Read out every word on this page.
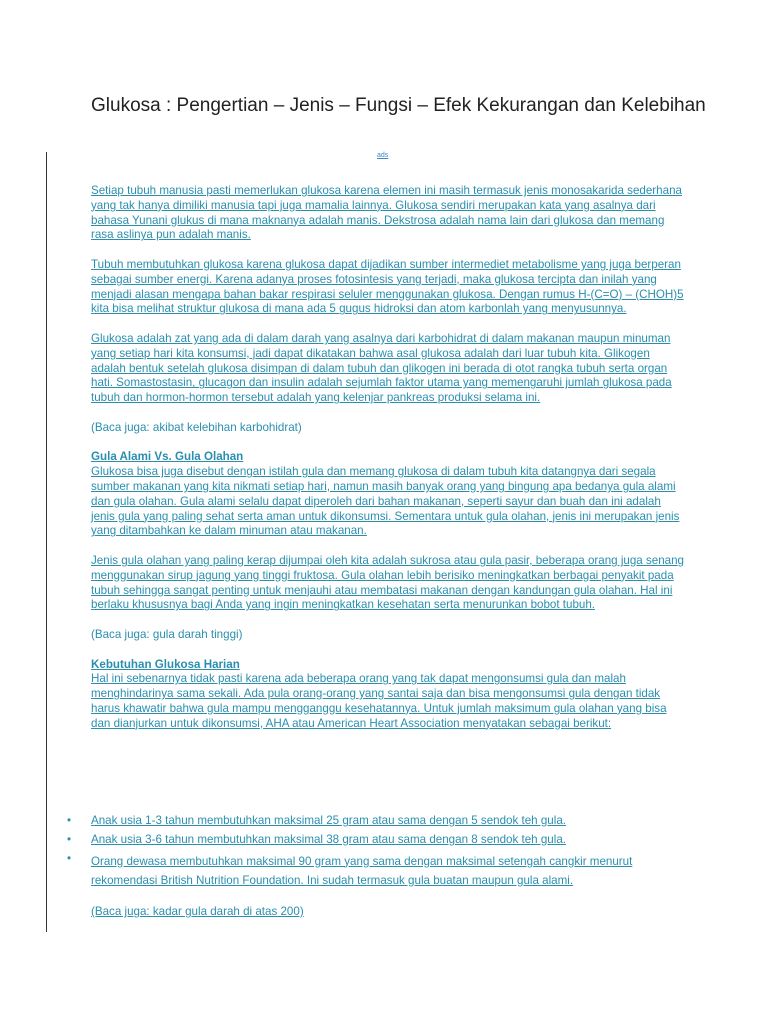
Glukosa : Pengertian – Jenis – Fungsi – Efek Kekurangan dan Kelebihan
ads

Setiap tubuh manusia pasti memerlukan glukosa karena elemen ini masih termasuk jenis monosakarida sederhana yang tak hanya dimiliki manusia tapi juga mamalia lainnya. Glukosa sendiri merupakan kata yang asalnya dari bahasa Yunani glukus di mana maknanya adalah manis. Dekstrosa adalah nama lain dari glukosa dan memang rasa aslinya pun adalah manis.

Tubuh membutuhkan glukosa karena glukosa dapat dijadikan sumber intermediet metabolisme yang juga berperan sebagai sumber energi. Karena adanya proses fotosintesis yang terjadi, maka glukosa tercipta dan inilah yang menjadi alasan mengapa bahan bakar respirasi seluler menggunakan glukosa. Dengan rumus H-(C=O) – (CHOH)5 kita bisa melihat struktur glukosa di mana ada 5 gugus hidroksi dan atom karbonlah yang menyusunnya.

Glukosa adalah zat yang ada di dalam darah yang asalnya dari karbohidrat di dalam makanan maupun minuman yang setiap hari kita konsumsi, jadi dapat dikatakan bahwa asal glukosa adalah dari luar tubuh kita. Glikogen adalah bentuk setelah glukosa disimpan di dalam tubuh dan glikogen ini berada di otot rangka tubuh serta organ hati. Somastostasin, glucagon dan insulin adalah sejumlah faktor utama yang memengaruhi jumlah glukosa pada tubuh dan hormon-hormon tersebut adalah yang kelenjar pankreas produksi selama ini.

(Baca juga: akibat kelebihan karbohidrat)

Gula Alami Vs. Gula Olahan

Glukosa bisa juga disebut dengan istilah gula dan memang glukosa di dalam tubuh kita datangnya dari segala sumber makanan yang kita nikmati setiap hari, namun masih banyak orang yang bingung apa bedanya gula alami dan gula olahan. Gula alami selalu dapat diperoleh dari bahan makanan, seperti sayur dan buah dan ini adalah jenis gula yang paling sehat serta aman untuk dikonsumsi. Sementara untuk gula olahan, jenis ini merupakan jenis yang ditambahkan ke dalam minuman atau makanan.

Jenis gula olahan yang paling kerap dijumpai oleh kita adalah sukrosa atau gula pasir, beberapa orang juga senang menggunakan sirup jagung yang tinggi fruktosa. Gula olahan lebih berisiko meningkatkan berbagai penyakit pada tubuh sehingga sangat penting untuk menjauhi atau membatasi makanan dengan kandungan gula olahan. Hal ini berlaku khususnya bagi Anda yang ingin meningkatkan kesehatan serta menurunkan bobot tubuh.

(Baca juga: gula darah tinggi)

Kebutuhan Glukosa Harian

Hal ini sebenarnya tidak pasti karena ada beberapa orang yang tak dapat mengonsumsi gula dan malah menghindarinya sama sekali. Ada pula orang-orang yang santai saja dan bisa mengonsumsi gula dengan tidak harus khawatir bahwa gula mampu mengganggu kesehatannya. Untuk jumlah maksimum gula olahan yang bisa dan dianjurkan untuk dikonsumsi, AHA atau American Heart Association menyatakan sebagai berikut:

•	Anak usia 1-3 tahun membutuhkan maksimal 25 gram atau sama dengan 5 sendok teh gula.
•	Anak usia 3-6 tahun membutuhkan maksimal 38 gram atau sama dengan 8 sendok teh gula.
•	Orang dewasa membutuhkan maksimal 90 gram yang sama dengan maksimal setengah cangkir menurut rekomendasi British Nutrition Foundation. Ini sudah termasuk gula buatan maupun gula alami.
(Baca juga: kadar gula darah di atas 200)
